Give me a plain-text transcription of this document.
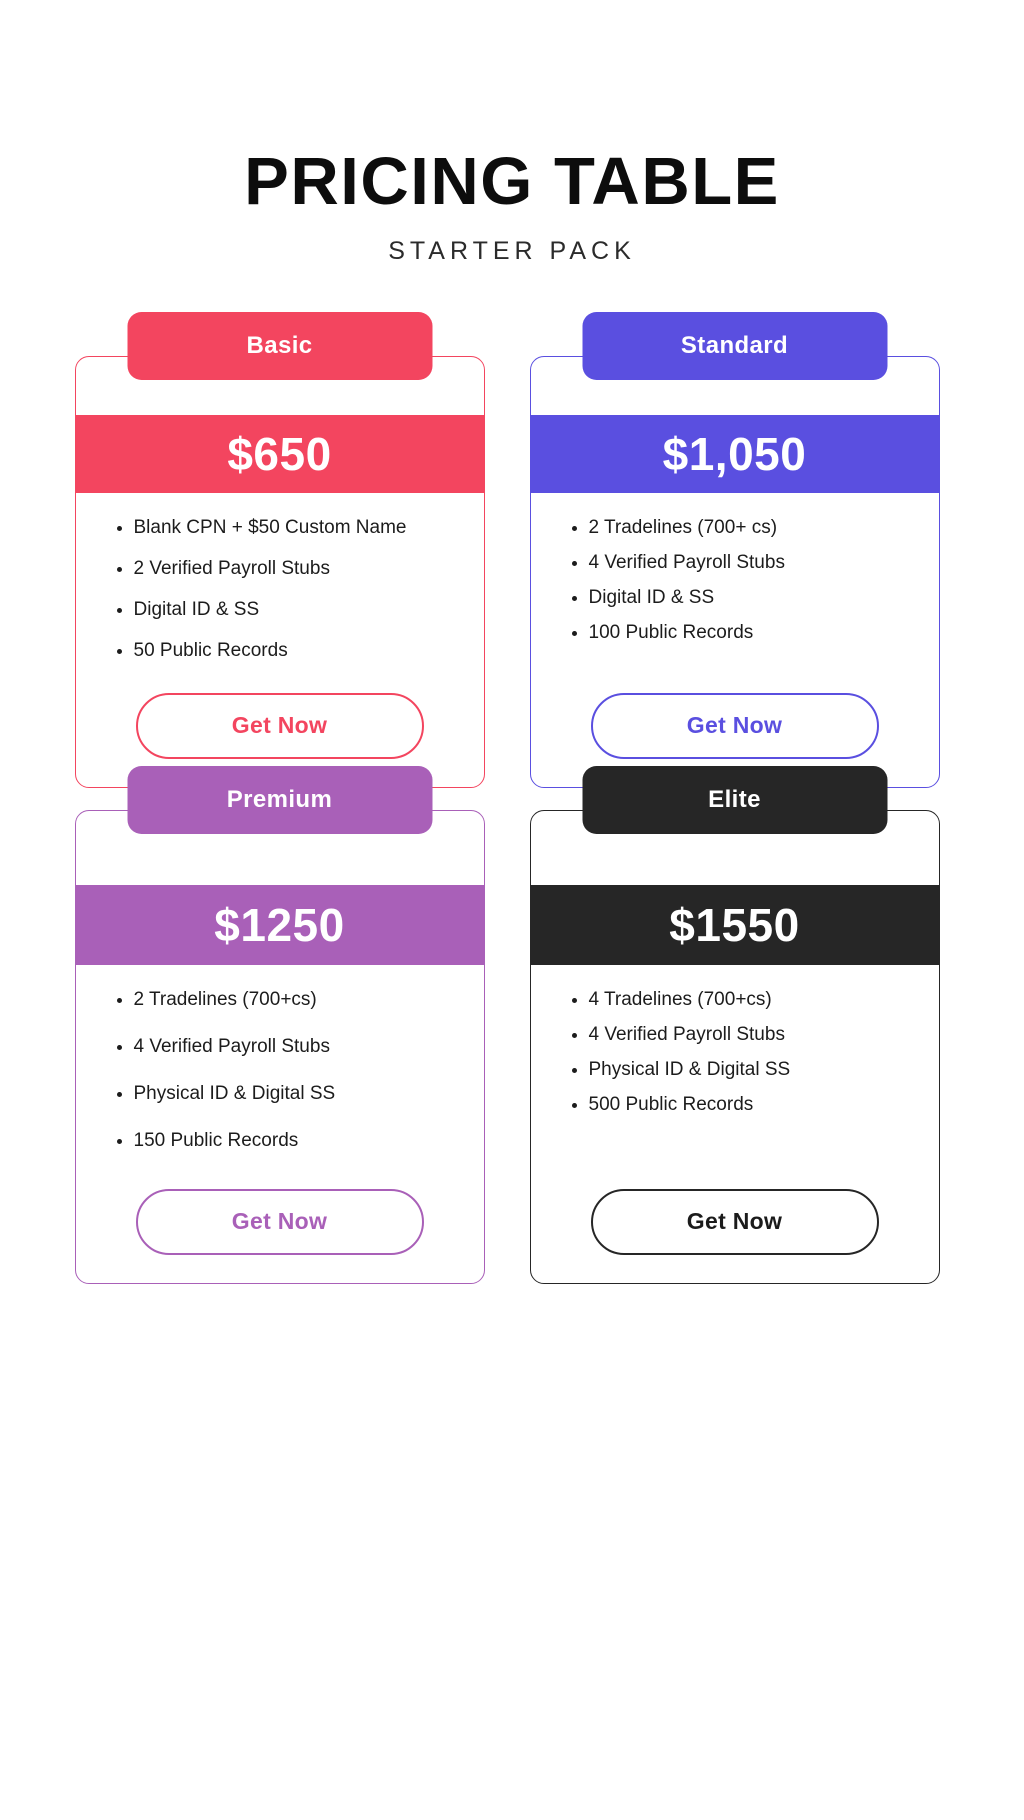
PRICING TABLE
STARTER PACK
Basic
$650
• Blank CPN + $50 Custom Name
• 2 Verified Payroll Stubs
• Digital ID & SS
• 50 Public Records
Get Now
Standard
$1,050
• 2 Tradelines (700+ cs)
• 4 Verified Payroll Stubs
• Digital ID & SS
• 100 Public Records
Get Now
Premium
$1250
• 2 Tradelines (700+cs)
• 4 Verified Payroll Stubs
• Physical ID & Digital SS
• 150 Public Records
Get Now
Elite
$1550
• 4 Tradelines (700+cs)
• 4 Verified Payroll Stubs
• Physical ID & Digital SS
• 500 Public Records
Get Now
